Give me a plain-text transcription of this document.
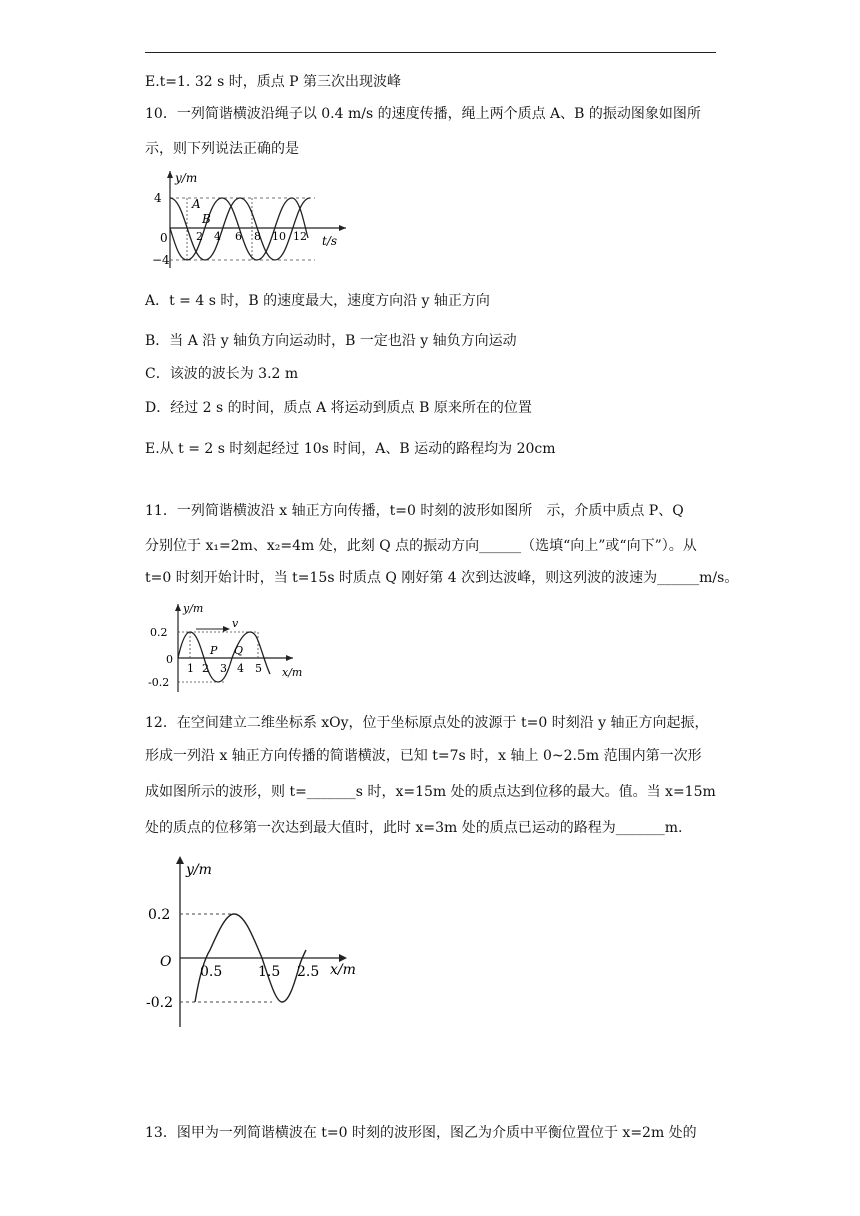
E.t=1. 32 s 时，质点 P 第三次出现波峰
10．一列简谐横波沿绳子以 0.4 m/s 的速度传播，绳上两个质点 A、B 的振动图象如图所
示，则下列说法正确的是
4
−4
0
y/m
t/s
A
B
2 4 6 8 10 12
A．t = 4 s 时，B 的速度最大，速度方向沿 y 轴正方向
B．当 A 沿 y 轴负方向运动时，B 一定也沿 y 轴负方向运动
C．该波的波长为 3.2 m
D．经过 2 s 的时间，质点 A 将运动到质点 B 原来所在的位置
E.从 t = 2 s 时刻起经过 10s 时间，A、B 运动的路程均为 20cm
11．一列简谐横波沿 x 轴正方向传播，t=0 时刻的波形如图所　示，介质中质点 P、Q
分别位于 x₁=2m、x₂=4m 处，此刻 Q 点的振动方向______（选填“向上”或“向下”）。从
t=0 时刻开始计时，当 t=15s 时质点 Q 刚好第 4 次到达波峰，则这列波的波速为______m/s。
v
0.2
0
-0.2
y/m
x/m
P Q
1 2 3 4 5
12．在空间建立二维坐标系 xOy，位于坐标原点处的波源于 t=0 时刻沿 y 轴正方向起振，
形成一列沿 x 轴正方向传播的简谐横波，已知 t=7s 时，x 轴上 0~2.5m 范围内第一次形
成如图所示的波形，则 t=_______s 时，x=15m 处的质点达到位移的最大。值。当 x=15m
处的质点的位移第一次达到最大值时，此时 x=3m 处的质点已运动的路程为_______m.
0.2
O
-0.2
y/m
x/m
0.5	1.5 2.5
13．图甲为一列简谐横波在 t=0 时刻的波形图，图乙为介质中平衡位置位于 x=2m 处的
